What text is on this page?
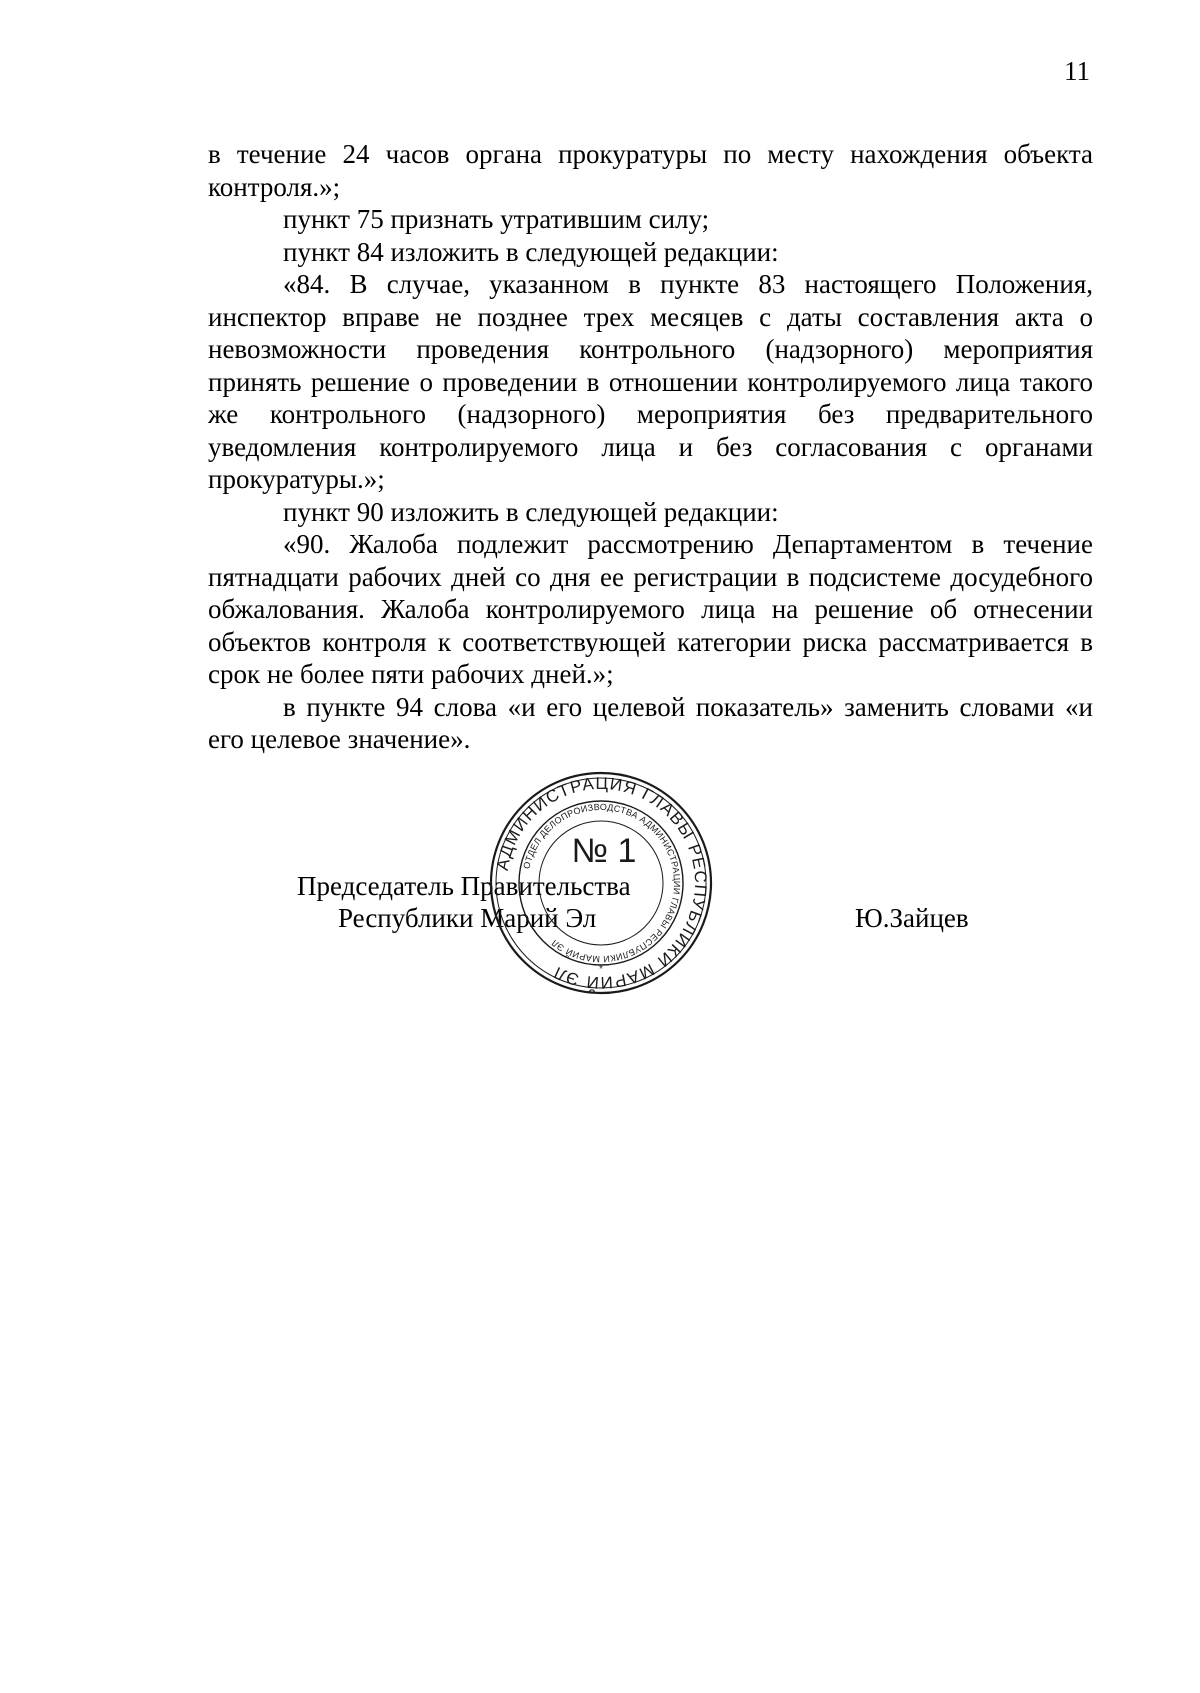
11

в течение 24 часов органа прокуратуры по месту нахождения объекта контроля.»;

пункт 75 признать утратившим силу;

пункт 84 изложить в следующей редакции:

«84. В случае, указанном в пункте 83 настоящего Положения, инспектор вправе не позднее трех месяцев с даты составления акта о невозможности проведения контрольного (надзорного) мероприятия принять решение о проведении в отношении контролируемого лица такого же контрольного (надзорного) мероприятия без предварительного уведомления контролируемого лица и без согласования с органами прокуратуры.»;

пункт 90 изложить в следующей редакции:

«90. Жалоба подлежит рассмотрению Департаментом в течение пятнадцати рабочих дней со дня ее регистрации в подсистеме досудебного обжалования. Жалоба контролируемого лица на решение об отнесении объектов контроля к соответствующей категории риска рассматривается в срок не более пяти рабочих дней.»;

в пункте 94 слова «и его целевой показатель» заменить словами «и его целевое значение».

Председатель Правительства
Республики Марий Эл	Ю.Зайцев
АДМИНИСТРАЦИЯ ГЛАВЫ РЕСПУБЛИКИ МАРИЙ ЭЛ
ОТДЕЛ ДЕЛОПРОИЗВОДСТВА АДМИНИСТРАЦИИ ГЛАВЫ РЕСПУБЛИКИ МАРИЙ ЭЛ
№ 1
*
